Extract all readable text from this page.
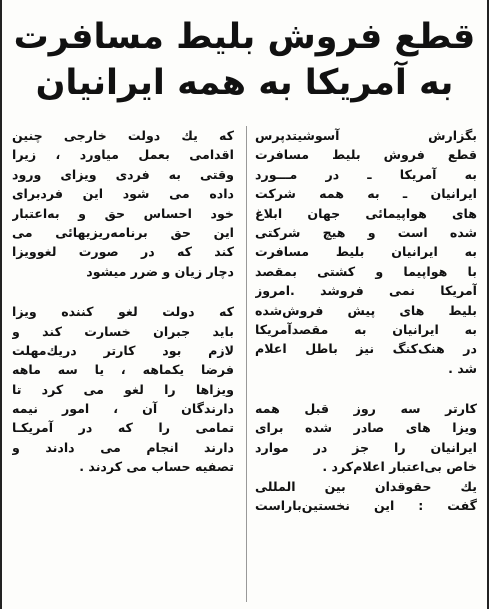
قطع فروش بلیط مسافرت
به آمریکا به همه ایرانیان
بگزارش آسوشیتدپرس
قطع فروش بلیط مسافرت
به آمریکا ـ در مـــورد
ایرانیان ـ به همه شرکت
های هواپیمائی جهان ابلاغ
شده است و هیچ شرکتی
به ایرانیان بلیط مسافرت
با هواپیما و کشتی بمقصد
آمریکا نمی فروشد .امروز
بلیط های پیش فروش‌شده
به ایرانیان به مقصدآمریکا
در هنک‌کنگ نیز باطل اعلام
شد .
کارتر سه روز قبل همه
ویزا های صادر شده برای
ایرانیان را جز در موارد
خاص بی‌اعتبار اعلام‌کرد .
یك حقوقدان بین المللی
گفت : این نخستین‌باراست
که یك دولت خارجی چنین
اقدامی بعمل میاورد ، زیرا
وقتی به فردی ویزای ورود
داده می شود این فردبرای
خود احساس حق و به‌اعتبار
این حق برنامه‌ریزیهائی می
کند که در صورت لغوویزا
دچار زیان و ضرر میشود
که دولت لغو کننده ویزا
باید جبران خسارت کند و
لازم بود کارتر دریك‌مهلت
فرضا یکماهه ، یا سه ماهه
ویزاها را لغو می کرد تا
دارندگان آن ، امور نیمه
تمامی را که در آمریکـا
دارند انجام می دادند و
تصفیه حساب می کردند .
